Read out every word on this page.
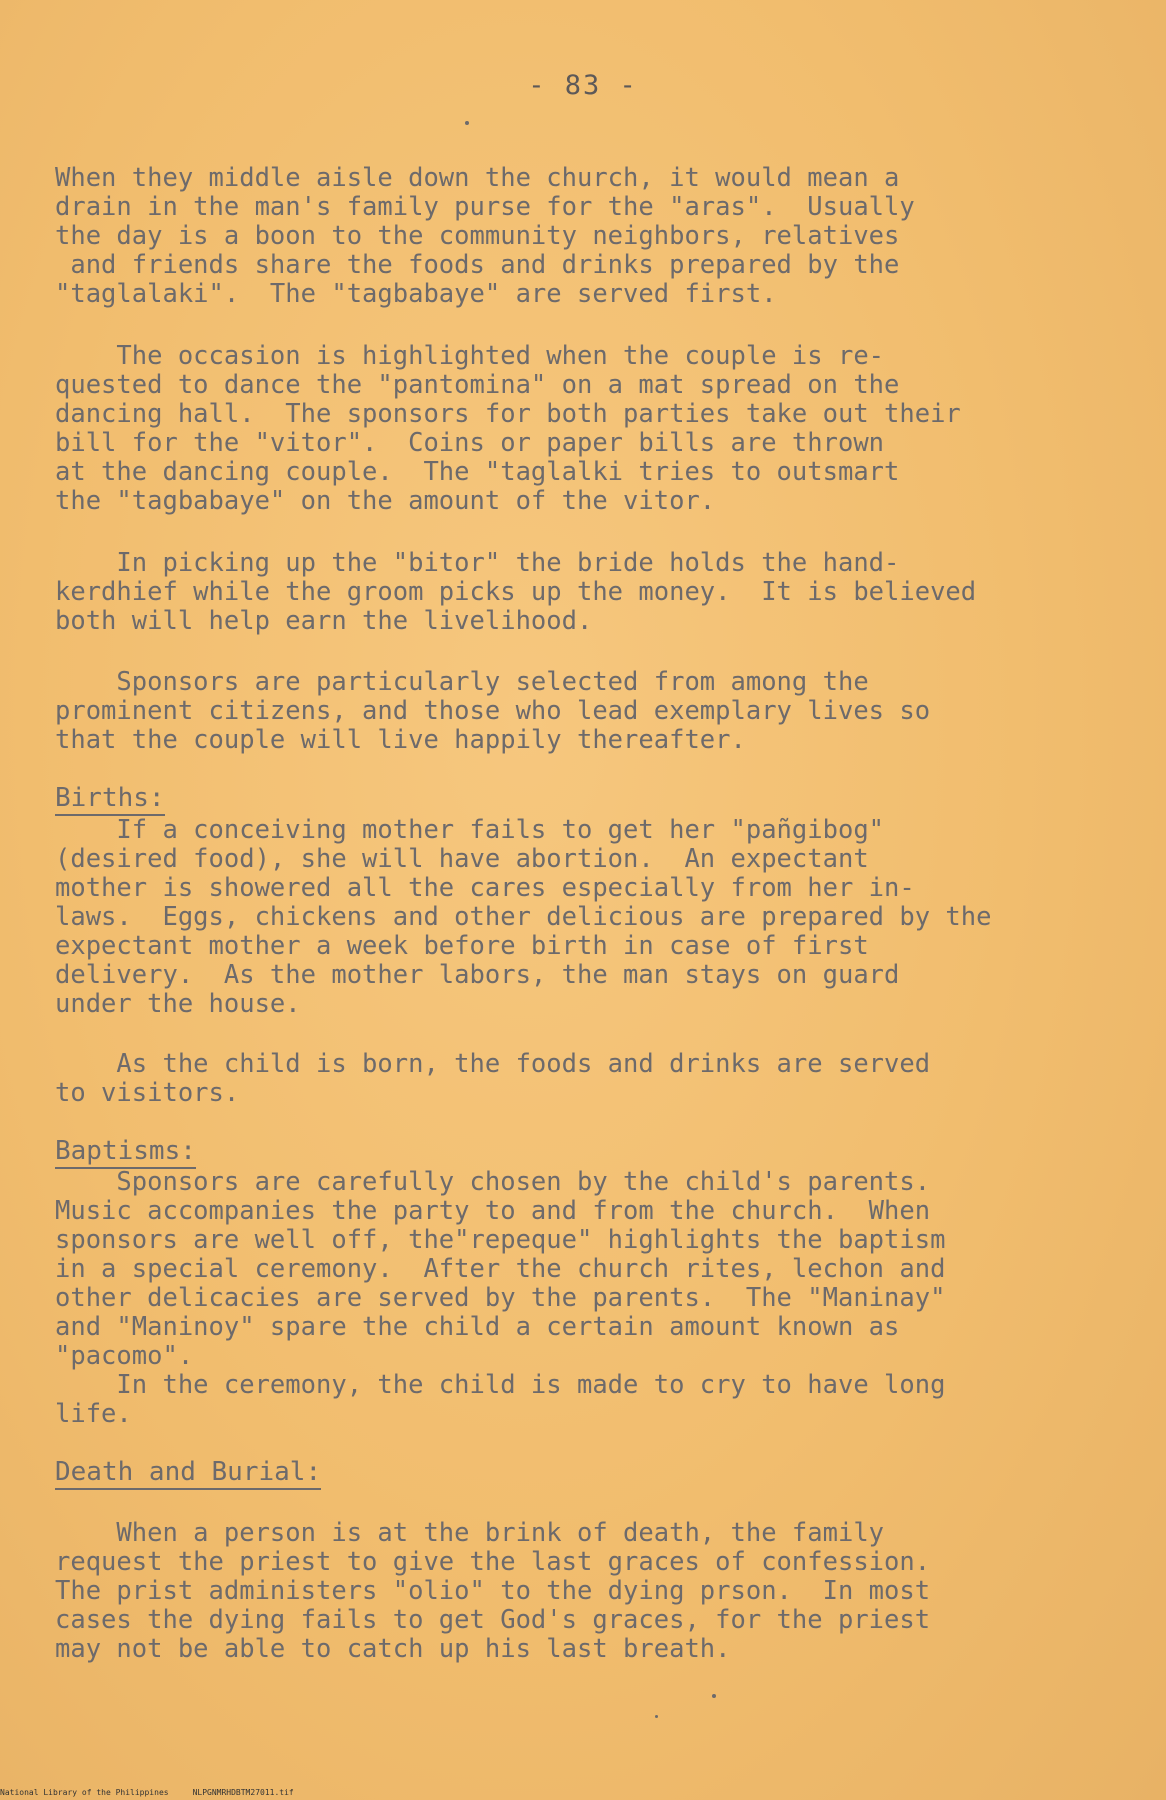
- 83 -
When they middle aisle down the church, it would mean a
drain in the man's family purse for the "aras".  Usually
the day is a boon to the community neighbors, relatives
and friends share the foods and drinks prepared by the
"taglalaki".  The "tagbabaye" are served first.
The occasion is highlighted when the couple is re-
quested to dance the "pantomina" on a mat spread on the
dancing hall.  The sponsors for both parties take out their
bill for the "vitor".  Coins or paper bills are thrown
at the dancing couple.  The "taglalki tries to outsmart
the "tagbabaye" on the amount of the vitor.
In picking up the "bitor" the bride holds the hand-
kerdhief while the groom picks up the money.  It is believed
both will help earn the livelihood.
Sponsors are particularly selected from among the
prominent citizens, and those who lead exemplary lives so
that the couple will live happily thereafter.
Births:
If a conceiving mother fails to get her "pañgibog"
(desired food), she will have abortion.  An expectant
mother is showered all the cares especially from her in-
laws.  Eggs, chickens and other delicious are prepared by the
expectant mother a week before birth in case of first
delivery.  As the mother labors, the man stays on guard
under the house.
As the child is born, the foods and drinks are served
to visitors.
Baptisms:
Sponsors are carefully chosen by the child's parents.
Music accompanies the party to and from the church.  When
sponsors are well off, the"repeque" highlights the baptism
in a special ceremony.  After the church rites, lechon and
other delicacies are served by the parents.  The "Maninay"
and "Maninoy" spare the child a certain amount known as
"pacomo".
In the ceremony, the child is made to cry to have long
life.
Death and Burial:
When a person is at the brink of death, the family
request the priest to give the last graces of confession.
The prist administers "olio" to the dying prson.  In most
cases the dying fails to get God's graces, for the priest
may not be able to catch up his last breath.
National Library of the Philippines	NLPGNMRHDBTM27011.tif
